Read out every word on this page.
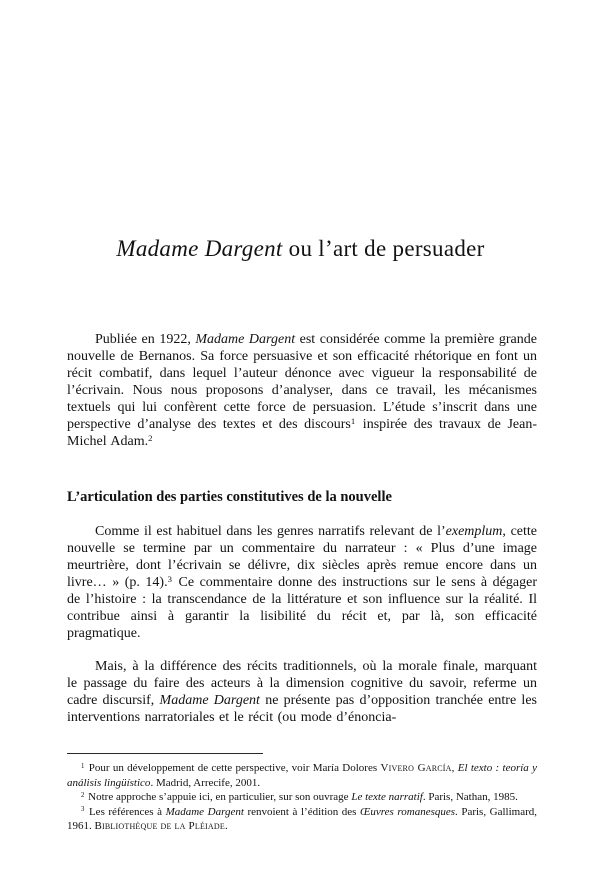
Madame Dargent ou l’art de persuader

Publiée en 1922, Madame Dargent est considérée comme la première grande nouvelle de Bernanos. Sa force persuasive et son efficacité rhétorique en font un récit combatif, dans lequel l’auteur dénonce avec vigueur la responsabilité de l’écrivain. Nous nous proposons d’analyser, dans ce travail, les mécanismes textuels qui lui confèrent cette force de persuasion. L’étude s’inscrit dans une perspective d’analyse des textes et des discours$^1$ inspirée des travaux de Jean-Michel Adam.$^2$

L’articulation des parties constitutives de la nouvelle

Comme il est habituel dans les genres narratifs relevant de l’exemplum, cette nouvelle se termine par un commentaire du narrateur : « Plus d’une image meurtrière, dont l’écrivain se délivre, dix siècles après remue encore dans un livre… » (p. 14).$^3$ Ce commentaire donne des instructions sur le sens à dégager de l’histoire : la transcendance de la littérature et son influence sur la réalité. Il contribue ainsi à garantir la lisibilité du récit et, par là, son efficacité pragmatique.

Mais, à la différence des récits traditionnels, où la morale finale, marquant le passage du faire des acteurs à la dimension cognitive du savoir, referme un cadre discursif, Madame Dargent ne présente pas d’opposition tranchée entre les interventions narratoriales et le récit (ou mode d’énoncia-

$^1$ Pour un développement de cette perspective, voir María Dolores Vivero García, El texto : teoría y análisis lingüístico. Madrid, Arrecife, 2001.

$^2$ Notre approche s’appuie ici, en particulier, sur son ouvrage Le texte narratif. Paris, Nathan, 1985.

$^3$ Les références à Madame Dargent renvoient à l’édition des Œuvres romanesques. Paris, Gallimard, 1961. Bibliothèque de la Pléiade.
